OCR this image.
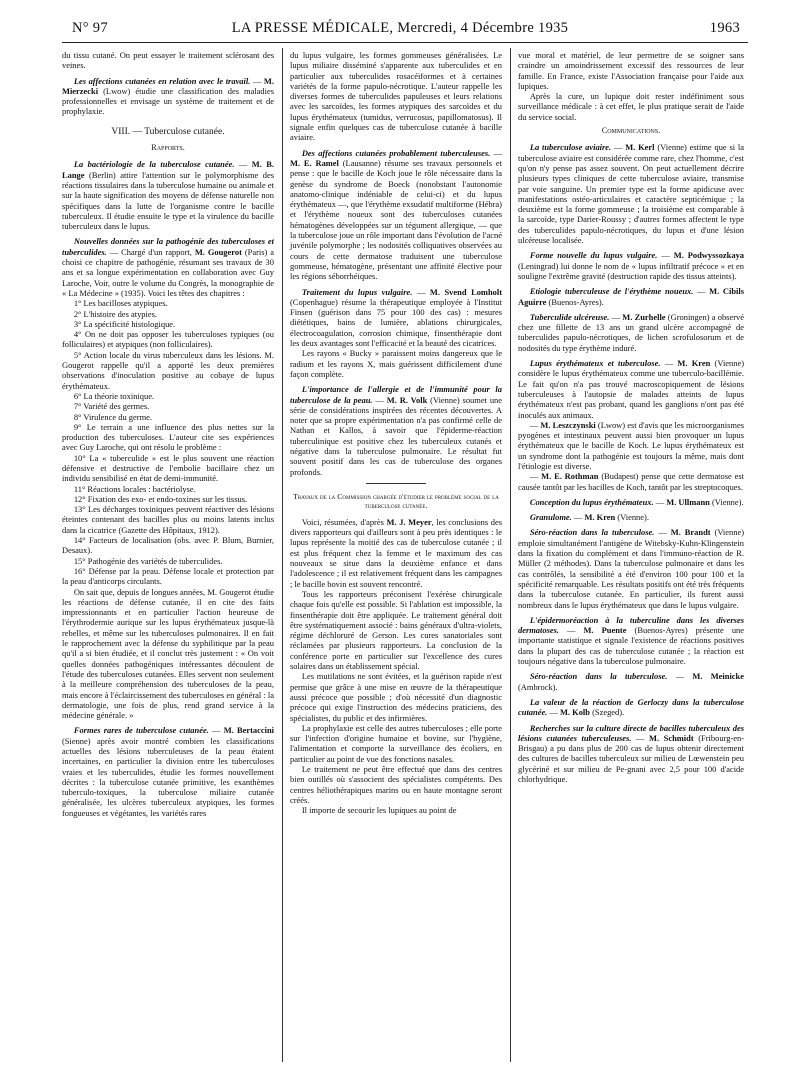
N° 97	LA PRESSE MÉDICALE, Mercredi, 4 Décembre 1935	1963

du tissu cutané. On peut essayer le traitement sclérosant des veines.

Les affections cutanées en relation avec le travail. — M. Mierzecki (Lwow) étudie une classification des maladies professionnelles et envisage un système de traitement et de prophylaxie.

VIII. — Tuberculose cutanée.

Rapports.

La bactériologie de la tuberculose cutanée. — M. B. Lange (Berlin) attire l'attention sur le polymorphisme des réactions tissulaires dans la tuberculose humaine ou animale et sur la haute signification des moyens de défense naturelle non spécifiques dans la lutte de l'organisme contre le bacille tuberculeux. Il étudie ensuite le type et la virulence du bacille tuberculeux dans le lupus.

Nouvelles données sur la pathogénie des tuberculoses et tuberculides. — Chargé d'un rapport, M. Gougerot (Paris) a choisi ce chapitre de pathogénie, résumant ses travaux de 30 ans et sa longue expérimentation en collaboration avec Guy Laroche, Voir, outre le volume du Congrès, la monographie de « La Médecine » (1935). Voici les têtes des chapitres :

1° Les bacilloses atypiques.

2° L'histoire des atypies.

3° La spécificité histologique.

4° On ne doit pas opposer les tuberculoses typiques (ou folliculaires) et atypiques (non folliculaires).

5° Action locale du virus tuberculeux dans les lésions. M. Gougerot rappelle qu'il a apporté les deux premières observations d'inoculation positive au cobaye de lupus érythémateux.

6° La théorie toxinique.

7° Variété des germes.

8° Virulence du germe.

9° Le terrain a une influence des plus nettes sur la production des tuberculoses. L'auteur cite ses expériences avec Guy Laroche, qui ont résolu le problème :

10° La « tuberculide » est le plus souvent une réaction défensive et destructive de l'embolie bacillaire chez un individu sensibilisé en état de demi-immunité.

11° Réactions locales : bactériolyse.

12° Fixation des exo- et endo-toxines sur les tissus.

13° Les décharges toxiniques peuvent réactiver des lésions éteintes contenant des bacilles plus ou moins latents inclus dans la cicatrice (Gazette des Hôpitaux, 1912).

14° Facteurs de localisation (obs. avec P. Blum, Burnier, Desaux).

15° Pathogénie des variétés de tuberculides.

16° Défense par la peau. Défense locale et protection par la peau d'anticorps circulants.

On sait que, depuis de longues années, M. Gougerot étudie les réactions de défense cutanée, il en cite des faits impressionnants et en particulier l'action heureuse de l'érythrodermie aurique sur les lupus érythémateux jusque-là rebelles, et même sur les tuberculoses pulmonaires. Il en fait le rapprochement avec la défense du syphilitique par la peau qu'il a si bien étudiée, et il conclut très justement : « On voit quelles données pathogéniques intéressantes découlent de l'étude des tuberculoses cutanées. Elles servent non seulement à la meilleure compréhension des tuberculoses de la peau, mais encore à l'éclaircissement des tuberculoses en général : la dermatologie, une fois de plus, rend grand service à la médecine générale. »

Formes rares de tuberculose cutanée. — M. Bertaccini (Sienne) après avoir montré combien les classifications actuelles des lésions tuberculeuses de la peau étaient incertaines, en particulier la division entre les tuberculoses vraies et les tuberculides, étudie les formes nouvellement décrites : la tuberculose cutanée primitive, les exanthèmes tuberculo-toxiques, la tuberculose miliaire cutanée généralisée, les ulcères tuberculeux atypiques, les formes fongueuses et végétantes, les variétés rares

du lupus vulgaire, les formes gommeuses généralisées. Le lupus miliaire disséminé s'apparente aux tuberculides et en particulier aux tuberculides rosacéiformes et à certaines variétés de la forme papulo-nécrotique. L'auteur rappelle les diverses formes de tuberculides papuleuses et leurs relations avec les sarcoïdes, les formes atypiques des sarcoïdes et du lupus érythémateux (tumidus, verrucosus, papillomatosus). Il signale enfin quelques cas de tuberculose cutanée à bacille aviaire.

Des affections cutanées probablement tuberculeuses. — M. E. Ramel (Lausanne) résume ses travaux personnels et pense : que le bacille de Koch joue le rôle nécessaire dans la genèse du syndrome de Boeck (nonobstant l'autonomie anatomo-clinique indéniable de celui-ci) et du lupus érythémateux —, que l'érythème exsudatif multiforme (Hébra) et l'érythème noueux sont des tuberculoses cutanées hématogènes développées sur un tégument allergique, — que la tuberculose joue un rôle important dans l'évolution de l'acné juvénile polymorphe ; les nodosités colliquatives observées au cours de cette dermatose traduisent une tuberculose gommeuse, hématogène, présentant une affinité élective pour les régions séborrhéiques.

Traitement du lupus vulgaire. — M. Svend Lomholt (Copenhague) résume la thérapeutique employée à l'Institut Finsen (guérison dans 75 pour 100 des cas) : mesures diététiques, bains de lumière, ablations chirurgicales, électrocoagulation, corrosion chimique, finsenthérapie dont les deux avantages sont l'efficacité et la beauté des cicatrices.

Les rayons « Bucky » paraissent moins dangereux que le radium et les rayons X, mais guérissent difficilement d'une façon complète.

L'importance de l'allergie et de l'immunité pour la tuberculose de la peau. — M. R. Volk (Vienne) soumet une série de considérations inspirées des récentes découvertes. A noter que sa propre expérimentation n'a pas confirmé celle de Nathan et Kallos, à savoir que l'épiderme-réaction tuberculinique est positive chez les tuberculeux cutanés et négative dans la tuberculose pulmonaire. Le résultat fut souvent positif dans les cas de tuberculose des organes profonds.

Travaux de la Commission chargée d'étudier le problème social de la tuberculose cutanée.

Voici, résumées, d'après M. J. Meyer, les conclusions des divers rapporteurs qui d'ailleurs sont à peu près identiques : le lupus représente la moitié des cas de tuberculose cutanée ; il est plus fréquent chez la femme et le maximum des cas nouveaux se situe dans la deuxième enfance et dans l'adolescence ; il est relativement fréquent dans les campagnes ; le bacille bovin est souvent rencontré.

Tous les rapporteurs préconisent l'exérèse chirurgicale chaque fois qu'elle est possible. Si l'ablation est impossible, la finsenthérapie doit être appliquée. Le traitement général doit être systématiquement associé : bains généraux d'ultra-violets, régime déchloruré de Gerson. Les cures sanatoriales sont réclamées par plusieurs rapporteurs. La conclusion de la conférence porte en particulier sur l'excellence des cures solaires dans un établissement spécial.

Les mutilations ne sont évitées, et la guérison rapide n'est permise que grâce à une mise en œuvre de la thérapeutique aussi précoce que possible ; d'où nécessité d'un diagnostic précoce qui exige l'instruction des médecins praticiens, des spécialistes, du public et des infirmières.

La prophylaxie est celle des autres tuberculoses ; elle porte sur l'infection d'origine humaine et bovine, sur l'hygiène, l'alimentation et comporte la surveillance des écoliers, en particulier au point de vue des fonctions nasales.

Le traitement ne peut être effectué que dans des centres bien outillés où s'associent des spécialistes compétents. Des centres héliothérapiques marins ou en haute montagne seront créés.

Il importe de secourir les lupiques au point de

vue moral et matériel, de leur permettre de se soigner sans craindre un amoindrissement excessif des ressources de leur famille. En France, existe l'Association française pour l'aide aux lupiques.

Après la cure, un lupique doit rester indéfiniment sous surveillance médicale : à cet effet, le plus pratique serait de l'aide du service social.

Communications.

La tuberculose aviaire. — M. Kerl (Vienne) estime que si la tuberculose aviaire est considérée comme rare, chez l'homme, c'est qu'on n'y pense pas assez souvent. On peut actuellement décrire plusieurs types cliniques de cette tuberculose aviaire, transmise par voie sanguine. Un premier type est la forme apidicuse avec manifestations ostéo-articulaires et caractère septicémique ; la deuxième est la forme gommeuse ; la troisième est comparable à la sarcoïde, type Darier-Roussy ; d'autres formes affectent le type des tuberculides papulo-nécrotiques, du lupus et d'une lésion ulcéreuse localisée.

Forme nouvelle du lupus vulgaire. — M. Podwyssozkaya (Leningrad) lui donne le nom de « lupus infiltratif précoce » et en souligne l'extrême gravité (destruction rapide des tissus atteints).

Etiologie tuberculeuse de l'érythème noueux. — M. Cibils Aguirre (Buenos-Ayres).

Tuberculide ulcéreuse. — M. Zurhelle (Groningen) a observé chez une fillette de 13 ans un grand ulcère accompagné de tuberculides papulo-nécrotiques, de lichen scrofulosorum et de nodosités du type érythème induré.

Lupus érythémateux et tuberculose. — M. Kren (Vienne) considère le lupus érythémateux comme une tuberculo-bacillémie. Le fait qu'on n'a pas trouvé macroscopiquement de lésions tuberculeuses à l'autopsie de malades atteints de lupus érythémateux n'est pas probant, quand les ganglions n'ont pas été inoculés aux animaux.

— M. Leszczynski (Lwow) est d'avis que les microorganismes pyogènes et intestinaux peuvent aussi bien provoquer un lupus érythémateux que le bacille de Koch. Le lupus érythémateux est un syndrome dont la pathogénie est toujours la même, mais dont l'étiologie est diverse.

— M. E. Rothman (Budapest) pense que cette dermatose est causée tantôt par les bacilles de Koch, tantôt par les streptocoques.

Conception du lupus érythémateux. — M. Ullmann (Vienne).

Granulome. — M. Kren (Vienne).

Séro-réaction dans la tuberculose. — M. Brandt (Vienne) emploie simultanément l'antigène de Witebsky-Kuhn-Klingenstein dans la fixation du complément et dans l'immuno-réaction de R. Müller (2 méthodes). Dans la tuberculose pulmonaire et dans les cas contrôlés, la sensibilité a été d'environ 100 pour 100 et la spécificité remarquable. Les résultats positifs ont été très fréquents dans la tuberculose cutanée. En particulier, ils furent aussi nombreux dans le lupus érythémateux que dans le lupus vulgaire.

L'épidermoréaction à la tuberculine dans les diverses dermatoses. — M. Puente (Buenos-Ayres) présente une importante statistique et signale l'existence de réactions positives dans la plupart des cas de tuberculose cutanée ; la réaction est toujours négative dans la tuberculose pulmonaire.

Séro-réaction dans la tuberculose. — M. Meinicke (Ambrock).

La valeur de la réaction de Gerloczy dans la tuberculose cutanée. — M. Kolb (Szeged).

Recherches sur la culture directe de bacilles tuberculeux des lésions cutanées tuberculeuses. — M. Schmidt (Fribourg-en-Brisgau) a pu dans plus de 200 cas de lupus obtenir directement des cultures de bacilles tuberculeux sur milieu de Lœwenstein peu glycériné et sur milieu de Pe-gnani avec 2,5 pour 100 d'acide chlorhydrique.
